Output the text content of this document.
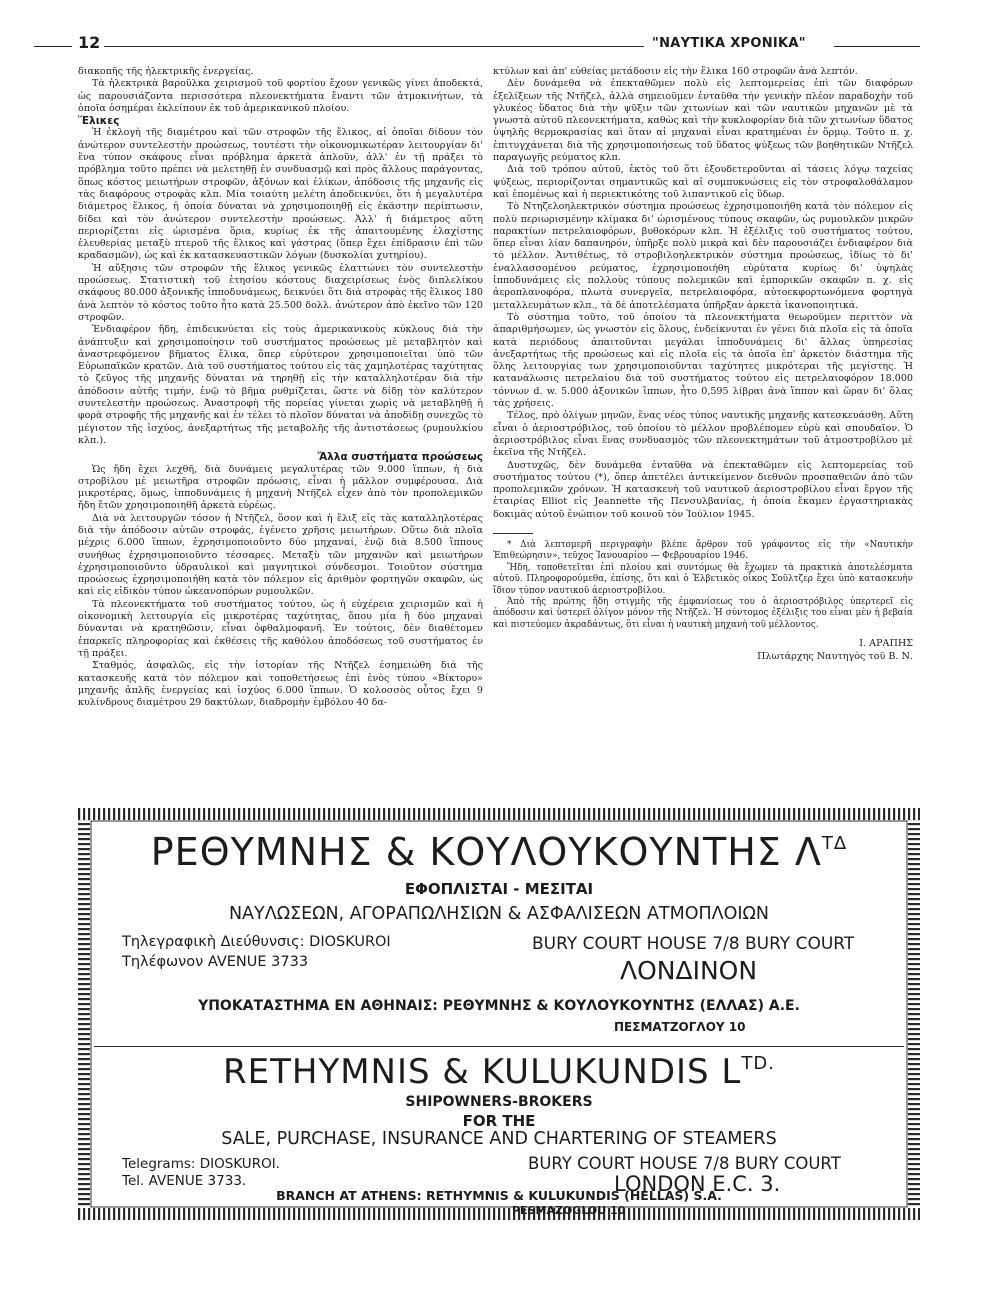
12	"ΝΑΥΤΙΚΑ ΧΡΟΝΙΚΑ"

διακοπῆς τῆς ἠλεκτρικῆς ἐνεργείας.

Τὰ ἠλεκτρικὰ βαροῦλκα χειρισμοῦ τοῦ φορτίου ἔχουν γενικῶς γίνει ἀποδεκτά, ὡς παρουσιάζοντα περισσότερα πλεονεκτήματα ἔναντι τῶν ἀτμοκινήτων, τὰ ὁποῖα ὁσημέραι ἐκλείπουν ἐκ τοῦ ἀμερικανικοῦ πλοίου.

Ἕλικες

Ἡ ἐκλογὴ τῆς διαμέτρου καὶ τῶν στροφῶν τῆς ἕλικος, αἱ ὁποῖαι δίδουν τὸν ἀνώτερον συντελεστὴν προώσεως, τουτέστι τὴν οἰκονομικωτέραν λειτουργίαν δι' ἕνα τύπον σκάφους εἶναι πρόβλημα ἀρκετὰ ἁπλοῦν, ἀλλ' ἐν τῇ πράξει τὸ πρόβλημα τοῦτο πρέπει νὰ μελετηθῇ ἐν συνδυασμῷ καὶ πρὸς ἄλλους παράγοντας, ὅπως κόστος μειωτήρων στροφῶν, ἀξόνων καὶ ἑλίκων, ἀπόδοσις τῆς μηχανῆς εἰς τὰς διαφόρους στροφὰς κλπ. Μία τοιαύτη μελέτη ἀποδεικνύει, ὅτι ἡ μεγαλυτέρα διάμετρος ἕλικος, ἡ ὁποία δύναται νὰ χρησιμοποιηθῇ εἰς ἑκάστην περίπτωσιν, δίδει καὶ τὸν ἀνώτερον συντελεστὴν προώσεως. Ἀλλ' ἡ διάμετρος αὕτη περιορίζεται εἰς ὡρισμένα ὅρια, κυρίως ἐκ τῆς ἀπαιτουμένης ἐλαχίστης ἐλευθερίας μεταξὺ πτεροῦ τῆς ἕλικος καὶ γάστρας (ὅπερ ἔχει ἐπίδρασιν ἐπὶ τῶν κραδασμῶν), ὡς καὶ ἐκ κατασκευαστικῶν λόγων (δυσκολίαι χυτηρίου).

Ἡ αὔξησις τῶν στροφῶν τῆς ἕλικος γενικῶς ἐλαττώνει τὸν συντελεστὴν προώσεως. Στατιστικὴ τοῦ ἐτησίου κόστους διαχειρίσεως ἑνὸς διπλελίκου σκάφους 80.000 ἀξονικῆς ἱπποδυνάμεως, δεικνύει ὅτι διὰ στροφὰς τῆς ἕλικος 180 ἀνὰ λεπτὸν τὸ κόστος τοῦτο ἦτο κατὰ 25.500 δολλ. ἀνώτερον ἀπὸ ἐκεῖνο τῶν 120 στροφῶν.

Ἐνδιαφέρον ἤδη, ἐπιδεικνύεται εἰς τοὺς ἀμερικανικοὺς κύκλους διὰ τὴν ἀνάπτυξιν καὶ χρησιμοποίησιν τοῦ συστήματος προώσεως μὲ μεταβλητὸν καὶ ἀναστρεφόμενον βῆματος ἕλικα, ὅπερ εὐρύτερον χρησιμοποιεῖται ὑπὸ τῶν Εὐρωπαϊκῶν κρατῶν. Διὰ τοῦ συστήματος τούτου εἰς τὰς χαμηλοτέρας ταχύτητας τὸ ζεῦγος τῆς μηχανῆς δύναται νὰ τηρηθῇ εἰς τὴν καταλληλοτέραν διὰ τὴν ἀπόδοσιν αὐτῆς τιμήν, ἐνῷ τὸ βῆμα ρυθμίζεται, ὥστε νὰ δίδῃ τὸν καλύτερον συντελεστὴν προώσεως. Ἀναστροφὴ τῆς πορείας γίνεται χωρὶς νὰ μεταβληθῇ ἡ φορὰ στροφῆς τῆς μηχανῆς καὶ ἐν τέλει τὸ πλοῖον δύναται νὰ ἀποδίδῃ συνεχῶς τὸ μέγιστον τῆς ἰσχύος, ἀνεξαρτήτως τῆς μεταβολῆς τῆς ἀντιστάσεως (ρυμουλκίου κλπ.).

Ἄλλα συστήματα προώσεως

Ὡς ἤδη ἔχει λεχθῆ, διὰ δυνάμεις μεγαλυτέρας τῶν 9.000 ἵππων, ἡ διὰ στροβίλου μὲ μειωτῆρα στροφῶν πρόωσις, εἶναι ἡ μᾶλλον συμφέρουσα. Διὰ μικροτέρας, ὅμως, ἱπποδυνάμεις ἡ μηχανὴ Ντῆζελ εἶχεν ἀπὸ τὸν προπολεμικῶν ἤδη ἔτῶν χρησιμοποιηθῆ ἀρκετὰ εὐρέως.

Διὰ νὰ λειτουργῶν τόσον ἡ Ντῆζελ, ὅσον καὶ ἡ ἕλιξ εἰς τὰς καταλληλοτέρας διὰ τὴν ἀπόδοσιν αὐτῶν στροφάς, ἐγένετο χρῆσις μειωτήρων. Οὕτω διὰ πλοῖα μέχρις 6.000 ἵππων, ἐχρησιμοποιοῦντο δύο μηχαναί, ἐνῷ διὰ 8.500 ἵππους συνήθως ἐχρησιμοποιοῦντο τέσσαρες. Μεταξὺ τῶν μηχανῶν καὶ μειωτήρων ἐχρησιμοποιοῦντο ὑδραυλικοὶ καὶ μαγνητικοὶ σύνδεσμοι. Τοιοῦτον σύστημα προώσεως ἐχρησιμοποιήθη κατὰ τὸν πόλεμον εἰς ἀριθμὸν φορτηγῶν σκαφῶν, ὡς καὶ εἰς εἰδικὸν τύπον ὠκεανοπόρων ρυμουλκῶν.

Τὰ πλεονεκτήματα τοῦ συστήματος τούτου, ὡς ἡ εὐχέρεια χειρισμῶν καὶ ἡ οἰκονομικὴ λειτουργία εἰς μικροτέρας ταχύτητας, ὅπου μία ἢ δύο μηχαναὶ δύνανται νὰ κρατηθῶσιν, εἶναι ὀφθαλμοφανῆ. Ἐν τούτοις, δὲν διαθέτομεν ἐπαρκεῖς πληροφορίας καὶ ἐκθέσεις τῆς καθόλου ἀποδόσεως τοῦ συστήματος ἐν τῇ πράξει.

Σταθμός, ἀσφαλῶς, εἰς τὴν ἱστορίαν τῆς Ντῆζελ ἐσημειώθη διὰ τῆς κατασκευῆς κατὰ τὸν πόλεμον καὶ τοποθετήσεως ἐπὶ ἑνὸς τύπου «Βίκτορυ» μηχανῆς ἁπλῆς ἐνεργείας καὶ ἰσχύος 6.000 ἵππων. Ὁ κολοσσὸς οὗτος ἔχει 9 κυλίνδρους διαμέτρου 29 δακτύλων, διαδρομὴν ἐμβόλου 40 δα-

κτύλων καὶ ἀπ' εὐθείας μετάδοσιν εἰς τὴν ἕλικα 160 στροφῶν ἀνὰ λεπτόν.

Δὲν δυνάμεθα νὰ ἐπεκταθῶμεν πολὺ εἰς λεπτομερείας ἐπὶ τῶν διαφόρων ἐξελίξεων τῆς Ντῆζελ, ἀλλὰ σημειοῦμεν ἐνταῦθα τὴν γενικὴν πλέον παραδοχὴν τοῦ γλυκέος ὕδατος διὰ τὴν ψῦξιν τῶν χιτωνίων καὶ τῶν ναυτικῶν μηχανῶν μὲ τὰ γνωστὰ αὐτοῦ πλεονεκτήματα, καθὼς καὶ τὴν κυκλοφορίαν διὰ τῶν χιτωνίων ὕδατος ὑψηλῆς θερμοκρασίας καὶ ὅταν αἱ μηχαναὶ εἶναι κρατημέναι ἐν ὅρμῳ. Τοῦτο π. χ. ἐπιτυγχάνεται διὰ τῆς χρησιμοποιήσεως τοῦ ὕδατος ψύξεως τῶν βοηθητικῶν Ντῆζελ παραγωγῆς ρεύματος κλπ.

Διὰ τοῦ τρόπου αὐτοῦ, ἐκτὸς τοῦ ὅτι ἐξουδετεροῦνται αἱ τάσεις λόγῳ ταχείας ψύξεως, περιορίζονται σημαντικῶς καὶ αἱ συμπυκνώσεις εἰς τὸν στροφαλοθάλαμον καὶ ἑπομένως καὶ ἡ περιεκτικότης τοῦ λιπαντικοῦ εἰς ὕδωρ.

Τὸ Ντηζελοηλεκτρικὸν σύστημα προώσεως ἐχρησιμοποιήθη κατὰ τὸν πόλεμον εἰς πολὺ περιωρισμένην κλίμακα δι' ὡρισμένους τύπους σκαφῶν, ὡς ρυμουλκῶν μικρῶν παρακτίων πετρελαιοφόρων, βυθοκόρων κλπ. Ἡ ἐξέλιξις τοῦ συστήματος τούτου, ὅπερ εἶναι λίαν δαπανηρόν, ὑπῆρξε πολὺ μικρὰ καὶ δὲν παρουσιάζει ἐνδιαφέρον διὰ τὸ μέλλον. Ἀντιθέτως, τὸ στροβιλοηλεκτρικὸν σύστημα προώσεως, ἰδίως τὸ δι' ἐναλλασσομένου ρεύματος, ἐχρησιμοποιήθη εὐρύτατα κυρίως δι' ὑψηλὰς ἱπποδυνάμεις εἰς πολλοὺς τύπους πολεμικῶν καὶ ἐμπορικῶν σκαφῶν π. χ. εἰς ἀεροπλανοφόρα, πλωτὰ συνεργεῖα, πετρελαιοφόρα, αὐτοεκφορτωνόμενα φορτηγὰ μεταλλευμάτων κλπ., τὰ δὲ ἀποτελέσματα ὑπῆρξαν ἀρκετὰ ἱκανοποιητικά.

Τὸ σύστημα τοῦτο, τοῦ ὁποίου τὰ πλεονεκτήματα θεωροῦμεν περιττὸν νὰ ἀπαριθμήσωμεν, ὡς γνωστὸν εἰς ὅλους, ἐνδείκνυται ἐν γένει διὰ πλοῖα εἰς τὰ ὁποῖα κατὰ περιόδους ἀπαιτοῦνται μεγάλαι ἱπποδυνάμεις δι' ἄλλας ὑπηρεσίας ἀνεξαρτήτως τῆς προώσεως καὶ εἰς πλοῖα εἰς τὰ ὁποῖα ἐπ' ἀρκετὸν διάστημα τῆς ὅλης λειτουργίας των χρησιμοποιοῦνται ταχύτητες μικρότεραι τῆς μεγίστης. Ἡ κατανάλωσις πετρελαίου διὰ τοῦ συστήματος τούτου εἰς πετρελαιοφόρον 18.000 τόννων d. w. 5.000 ἀξονικῶν ἵππων, ἦτο 0,595 λίβραι ἀνὰ ἵππον καὶ ὥραν δι' ὅλας τὰς χρήσεις.

Τέλος, πρὸ ὀλίγων μηνῶν, ἕνας νέος τύπος ναυτικῆς μηχανῆς κατεσκευάσθη. Αὕτη εἶναι ὁ ἀεριοστρόβιλος, τοῦ ὁποίου τὸ μέλλον προβλέπομεν εὐρὺ καὶ σπουδαῖον. Ὁ ἀεριοστρόβιλος εἶναι ἕνας συνδυασμὸς τῶν πλεονεκτημάτων τοῦ ἀτμοστροβίλου μὲ ἐκεῖνα τῆς Ντῆζελ.

Δυστυχῶς, δὲν δυνάμεθα ἐνταῦθα νὰ ἐπεκταθῶμεν εἰς λεπτομερείας τοῦ συστήματος τούτου (*), ὅπερ ἀπετέλει ἀντικείμενον διεθνῶν προσπαθειῶν ἀπὸ τῶν προπολεμικῶν χρόνων. Ἡ κατασκευὴ τοῦ ναυτικοῦ ἀεριοστροβίλου εἶναι ἔργον τῆς ἑταιρίας Elliot εἰς Jeannette τῆς Πενσυλβανίας, ἡ ὁποία ἔκαμεν ἐργαστηριακὰς δοκιμὰς αὐτοῦ ἐνώπιον τοῦ κοινοῦ τὸν Ἰούλιον 1945.

* Διὰ λεπτομερῆ περιγραφὴν βλέπε ἄρθρον τοῦ γράφοντος εἰς τὴν «Ναυτικὴν Ἐπιθεώρησιν», τεῦχος Ἰανουαρίου — Φεβρουαρίου 1946.

Ἤδη, τοποθετεῖται ἐπὶ πλοίου καὶ συντόμως θὰ ἔχωμεν τὰ πρακτικὰ ἀποτελέσματα αὐτοῦ. Πληροφορούμεθα, ἐπίσης, ὅτι καὶ ὁ Ἑλβετικὸς οἶκος Σοῦλτζερ ἔχει ὑπὸ κατασκευὴν ἴδιον τύπον ναυτικοῦ ἀεριοστροβίλου.

Ἀπὸ τῆς πρώτης ἤδη στιγμῆς τῆς ἐμφανίσεως του ὁ ἀεριοστρόβιλος ὑπερτερεῖ εἰς ἀπόδοσιν καὶ ὑστερεῖ ὀλίγον μόνον τῆς Ντῆζελ. Ἡ σύντομος ἐξέλιξις του εἶναι μὲν ἡ βεβαία καὶ πιστεύομεν ἀκραδάντως, ὅτι εἶναι ἡ ναυτικὴ μηχανὴ τοῦ μέλλοντος.

Ι. ΑΡΑΠΗΣ
Πλωτάρχης Ναυτηγὸς τοῦ Β. Ν.
ΡΕΘΥΜΝΗΣ & ΚΟΥΛΟΥΚΟΥΝΤΗΣ $\Lambda^{T\Delta}$
ΕΦΟΠΛΙΣΤΑΙ - ΜΕΣΙΤΑΙ
ΝΑΥΛΩΣΕΩΝ, ΑΓΟΡΑΠΩΛΗΣΙΩΝ & ΑΣΦΑΛΙΣΕΩΝ ΑΤΜΟΠΛΟΙΩΝ
Τηλεγραφικὴ Διεύθυνσις: DIOSKUROI
Τηλέφωνον AVENUE 3733
BURY COURT HOUSE 7/8 BURY COURT
ΛΟΝΔΙΝΟΝ
ΥΠΟΚΑΤΑΣΤΗΜΑ ΕΝ ΑΘΗΝΑΙΣ: ΡΕΘΥΜΝΗΣ & ΚΟΥΛΟΥΚΟΥΝΤΗΣ (ΕΛΛΑΣ) Α.Ε.
ΠΕΣΜΑΤΖΟΓΛΟΥ 10
RETHYMNIS & KULUKUNDIS $L^{TD.}$
SHIPOWNERS-BROKERS
FOR THE
SALE, PURCHASE, INSURANCE AND CHARTERING OF STEAMERS
Telegrams: DIOSKUROI.
Tel. AVENUE 3733.
BURY COURT HOUSE 7/8 BURY COURT
LONDON E.C. 3.
BRANCH AT ATHENS: RETHYMNIS & KULUKUNDIS (HELLAS) S.A.
PESMAZOGLOU 10
